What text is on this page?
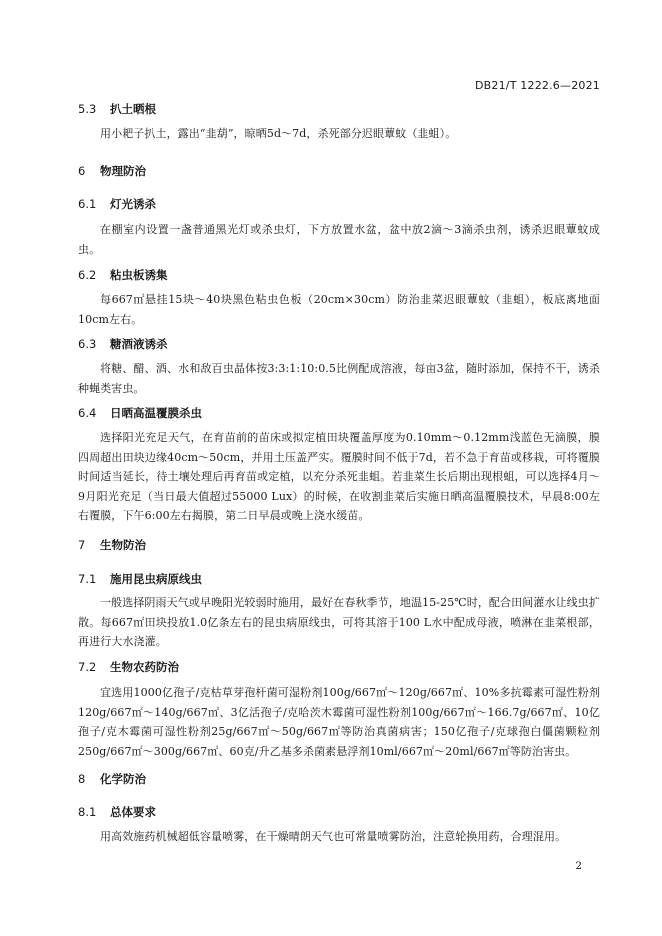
DB21/T 1222.6—2021
5.3 扒土晒根
用小耙子扒土，露出“韭葫”，晾晒5d～7d，杀死部分迟眼蕈蚊（韭蛆）。
6 物理防治
6.1 灯光诱杀
在棚室内设置一盏普通黑光灯或杀虫灯，下方放置水盆，盆中放2滴～3滴杀虫剂，诱杀迟眼蕈蚊成虫。
6.2 粘虫板诱集
每667㎡悬挂15块～40块黑色粘虫色板（20cm×30cm）防治韭菜迟眼蕈蚊（韭蛆），板底离地面10cm左右。
6.3 糖酒液诱杀
将糖、醋、酒、水和敌百虫晶体按3:3:1:10:0.5比例配成溶液，每亩3盆，随时添加，保持不干，诱杀种蝇类害虫。
6.4 日晒高温覆膜杀虫
选择阳光充足天气，在育苗前的苗床或拟定植田块覆盖厚度为0.10mm～0.12mm浅蓝色无滴膜，膜四周超出田块边缘40cm～50cm，并用土压盖严实。覆膜时间不低于7d，若不急于育苗或移栽，可将覆膜时间适当延长，待土壤处理后再育苗或定植，以充分杀死韭蛆。若韭菜生长后期出现根蛆，可以选择4月～9月阳光充足（当日最大值超过55000 Lux）的时候，在收割韭菜后实施日晒高温覆膜技术，早晨8:00左右覆膜，下午6:00左右揭膜，第二日早晨或晚上浇水缓苗。
7 生物防治
7.1 施用昆虫病原线虫
一般选择阴雨天气或早晚阳光较弱时施用，最好在春秋季节，地温15-25℃时，配合田间灌水让线虫扩散。每667㎡田块投放1.0亿条左右的昆虫病原线虫，可将其溶于100 L水中配成母液，喷淋在韭菜根部，再进行大水浇灌。
7.2 生物农药防治
宜选用1000亿孢子/克枯草芽孢杆菌可湿粉剂100g/667㎡～120g/667㎡、10%多抗霉素可湿性粉剂120g/667㎡～140g/667㎡、3亿活孢子/克哈茨木霉菌可湿性粉剂100g/667㎡～166.7g/667㎡、10亿孢子/克木霉菌可湿性粉剂25g/667㎡～50g/667㎡等防治真菌病害；150亿孢子/克球孢白僵菌颗粒剂250g/667㎡～300g/667㎡、60克/升乙基多杀菌素悬浮剂10ml/667㎡～20ml/667㎡等防治害虫。
8 化学防治
8.1 总体要求
用高效施药机械超低容量喷雾，在干燥晴朗天气也可常量喷雾防治，注意轮换用药，合理混用。
2
